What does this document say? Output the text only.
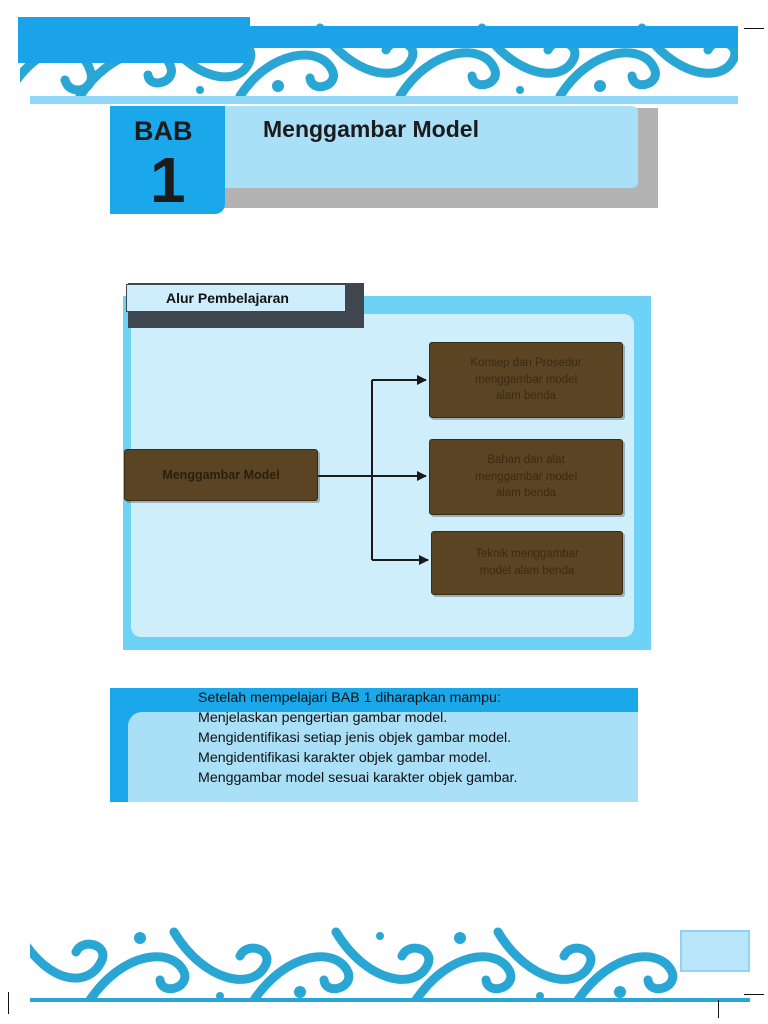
BAB
1
Menggambar Model
Alur Pembelajaran
Menggambar Model
Konsep dan Prosedur
menggambar model
alam benda
Bahan dan alat
menggambar model
alam benda
Teknik menggambar
model alam benda
Setelah mempelajari BAB 1 diharapkan mampu:
Menjelaskan pengertian gambar model.
Mengidentifikasi setiap jenis objek gambar model.
Mengidentifikasi karakter objek gambar model.
Menggambar model sesuai karakter objek gambar.
